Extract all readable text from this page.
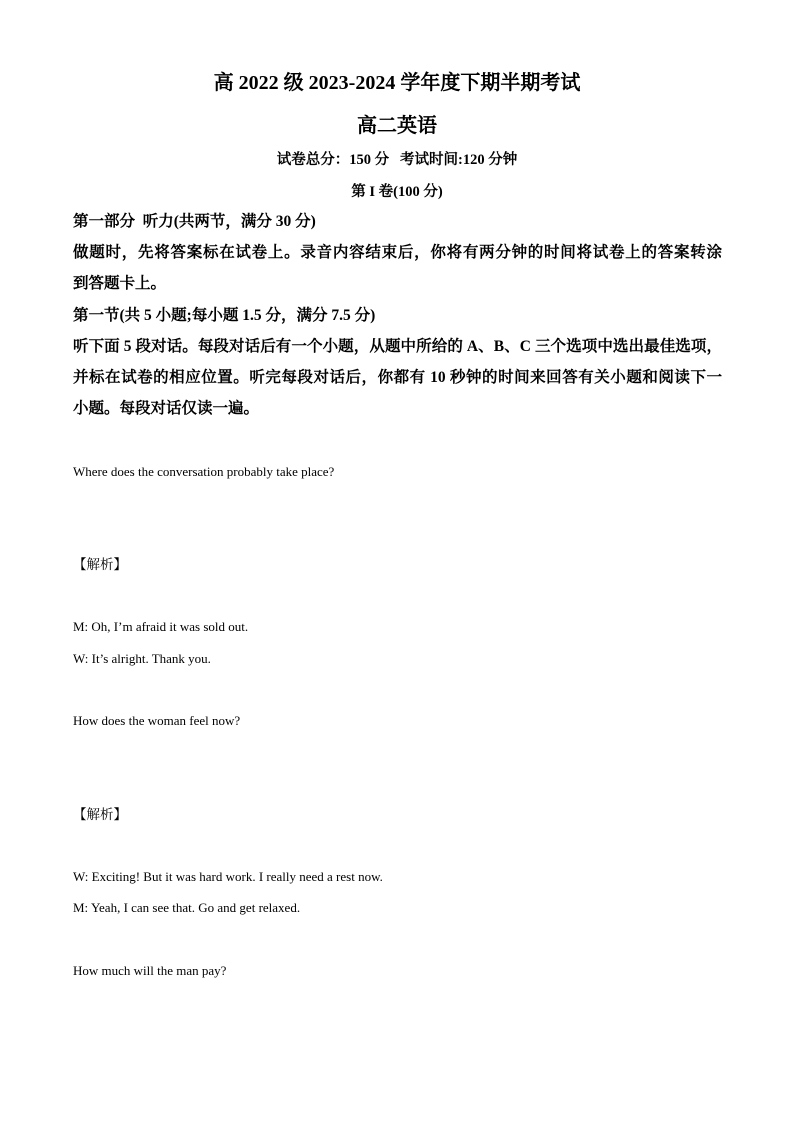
高 2022 级 2023-2024 学年度下期半期考试
高二英语
试卷总分：150 分   考试时间:120 分钟
第 I 卷(100 分)
第一部分  听力(共两节，满分 30 分)
做题时，先将答案标在试卷上。录音内容结束后，你将有两分钟的时间将试卷上的答案转涂
到答题卡上。
第一节(共 5 小题;每小题 1.5 分，满分 7.5 分)
听下面 5 段对话。每段对话后有一个小题，从题中所给的 A、B、C 三个选项中选出最佳选项，
并标在试卷的相应位置。听完每段对话后，你都有 10 秒钟的时间来回答有关小题和阅读下一
小题。每段对话仅读一遍。

Where does the conversation probably take place?

【解析】

M: Oh, I’m afraid it was sold out.
W: It’s alright. Thank you.

How does the woman feel now?

【解析】

W: Exciting! But it was hard work. I really need a rest now.
M: Yeah, I can see that. Go and get relaxed.

How much will the man pay?
